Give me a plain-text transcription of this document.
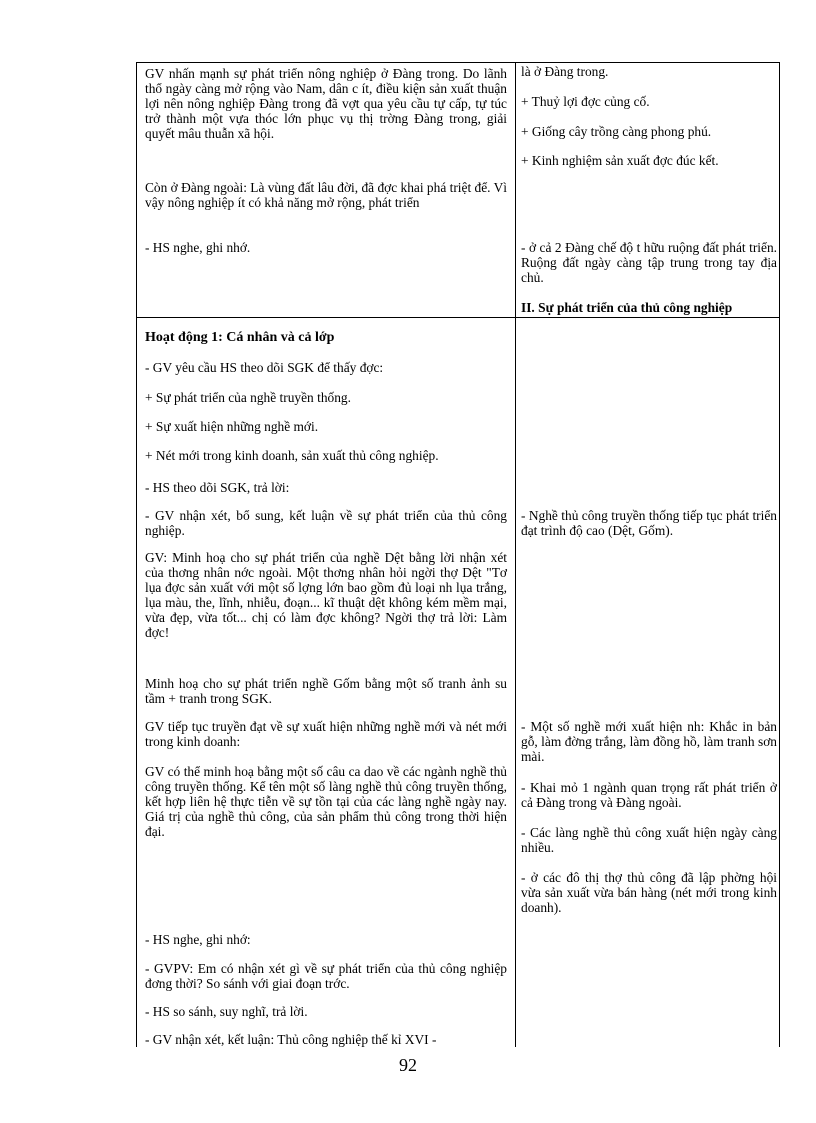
GV nhấn mạnh sự phát triển nông nghiệp ở Đàng trong. Do lãnh thổ ngày càng mở rộng vào Nam, dân c ít, điều kiện sản xuất thuận lợi nên nông nghiệp Đàng trong đã vợt qua yêu cầu tự cấp, tự túc trở thành một vựa thóc lớn phục vụ thị trờng Đàng trong, giải quyết mâu thuẫn xã hội.
Còn ở Đàng ngoài: Là vùng đất lâu đời, đã đợc khai phá triệt để. Vì vậy nông nghiệp ít có khả năng mở rộng, phát triển
- HS nghe, ghi nhớ.
Hoạt động 1: Cá nhân và cả lớp
- GV yêu cầu HS theo dõi SGK để thấy đợc:
+ Sự phát triển của nghề truyền thống.
+ Sự xuất hiện những nghề mới.
+ Nét mới trong kinh doanh, sản xuất thủ công nghiệp.
- HS theo dõi SGK, trả lời:
- GV nhận xét, bổ sung, kết luận về sự phát triển của thủ công nghiệp.
GV: Minh hoạ cho sự phát triển của nghề Dệt bằng lời nhận xét của thơng nhân nớc ngoài. Một thơng nhân hỏi ngời thợ Dệt "Tơ lụa đợc sản xuất với một số lợng lớn bao gồm đủ loại nh lụa trắng, lụa màu, the, lĩnh, nhiễu, đoạn... kĩ thuật dệt không kém mềm mại, vừa đẹp, vừa tốt... chị có làm đợc không? Ngời thợ trả lời: Làm đợc!
Minh hoạ cho sự phát triển nghề Gốm bằng một số tranh ảnh su tầm + tranh trong SGK.
GV tiếp tục truyền đạt về sự xuất hiện những nghề mới và nét mới trong kinh doanh:
GV có thể minh hoạ bằng một số câu ca dao về các ngành nghề thủ công truyền thống. Kể tên một số làng nghề thủ công truyền thống, kết hợp liên hệ thực tiễn về sự tồn tại của các làng nghề ngày nay. Giá trị của nghề thủ công, của sản phẩm thủ công trong thời hiện đại.
- HS nghe, ghi nhớ:
- GVPV: Em có nhận xét gì về sự phát triển của thủ công nghiệp đơng thời? So sánh với giai đoạn trớc.
- HS so sánh, suy nghĩ, trả lời.
- GV nhận xét, kết luận: Thủ công nghiệp thế kỉ XVI -
là ở Đàng trong.
+ Thuỷ lợi đợc củng cố.
+ Giống cây trồng càng phong phú.
+ Kinh nghiệm sản xuất đợc đúc kết.
- ở cả 2 Đàng chế độ t hữu ruộng đất phát triển. Ruộng đất ngày càng tập trung trong tay địa chủ.
II. Sự phát triển của thủ công nghiệp
- Nghề thủ công truyền thống tiếp tục phát triển đạt trình độ cao (Dệt, Gốm).
- Một số nghề mới xuất hiện nh: Khắc in bản gỗ, làm đờng trắng, làm đồng hồ, làm tranh sơn mài.
- Khai mỏ 1 ngành quan trọng rất phát triển ở cả Đàng trong và Đàng ngoài.
- Các làng nghề thủ công xuất hiện ngày càng nhiều.
- ở các đô thị thợ thủ công đã lập phờng hội vừa sản xuất vừa bán hàng (nét mới trong kinh doanh).
92
